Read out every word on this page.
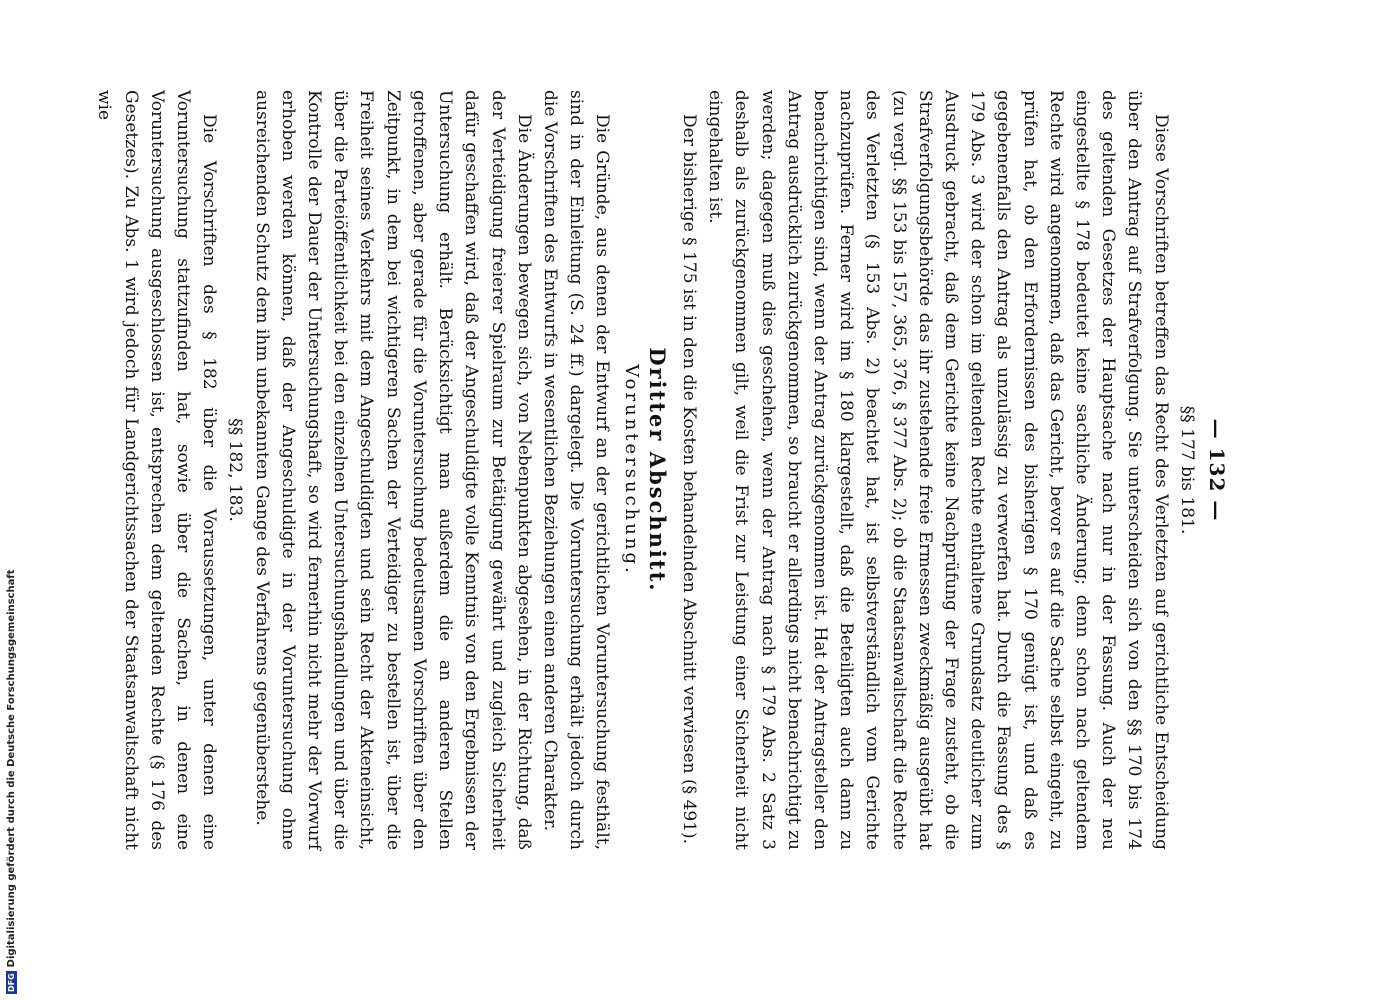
— 132 —

§§ 177 bis 181.

Diese Vorschriften betreffen das Recht des Verletzten auf gerichtliche Entscheidung über den Antrag auf Strafverfolgung. Sie unterscheiden sich von den §§ 170 bis 174 des geltenden Gesetzes der Hauptsache nach nur in der Fassung. Auch der neu eingestellte § 178 bedeutet keine sachliche Änderung; denn schon nach geltendem Rechte wird angenommen, daß das Gericht, bevor es auf die Sache selbst eingeht, zu prüfen hat, ob den Erfordernissen des bisherigen § 170 genügt ist, und daß es gegebenenfalls den Antrag als unzulässig zu verwerfen hat. Durch die Fassung des § 179 Abs. 3 wird der schon im geltenden Rechte enthaltene Grundsatz deutlicher zum Ausdruck gebracht, daß dem Gerichte keine Nachprüfung der Frage zusteht, ob die Strafverfolgungsbehörde das ihr zustehende freie Ermessen zweckmäßig ausgeübt hat (zu vergl. §§ 153 bis 157, 365, 376, § 377 Abs. 2); ob die Staatsanwaltschaft die Rechte des Verletzten (§ 153 Abs. 2) beachtet hat, ist selbstverständlich vom Gerichte nachzuprüfen. Ferner wird im § 180 klargestellt, daß die Beteiligten auch dann zu benachrichtigen sind, wenn der Antrag zurückgenommen ist. Hat der Antragsteller den Antrag ausdrücklich zurückgenommen, so braucht er allerdings nicht benachrichtigt zu werden; dagegen muß dies geschehen, wenn der Antrag nach § 179 Abs. 2 Satz 3 deshalb als zurückgenommen gilt, weil die Frist zur Leistung einer Sicherheit nicht eingehalten ist.

Der bisherige § 175 ist in den die Kosten behandelnden Abschnitt verwiesen (§ 491).

Dritter Abschnitt.

Voruntersuchung.

Die Gründe, aus denen der Entwurf an der gerichtlichen Voruntersuchung festhält, sind in der Einleitung (S. 24 ff.) dargelegt. Die Voruntersuchung erhält jedoch durch die Vorschriften des Entwurfs in wesentlichen Beziehungen einen anderen Charakter.

Die Änderungen bewegen sich, von Nebenpunkten abgesehen, in der Richtung, daß der Verteidigung freierer Spielraum zur Betätigung gewährt und zugleich Sicherheit dafür geschaffen wird, daß der Angeschuldigte volle Kenntnis von den Ergebnissen der Untersuchung erhält. Berücksichtigt man außerdem die an anderen Stellen getroffenen, aber gerade für die Voruntersuchung bedeutsamen Vorschriften über den Zeitpunkt, in dem bei wichtigeren Sachen der Verteidiger zu bestellen ist, über die Freiheit seines Verkehrs mit dem Angeschuldigten und sein Recht der Akteneinsicht, über die Parteiöffentlichkeit bei den einzelnen Untersuchungshandlungen und über die Kontrolle der Dauer der Untersuchungshaft, so wird fernerhin nicht mehr der Vorwurf erhoben werden können, daß der Angeschuldigte in der Voruntersuchung ohne ausreichenden Schutz dem ihm unbekannten Gange des Verfahrens gegenüberstehe.

§§ 182, 183.

Die Vorschriften des § 182 über die Voraussetzungen, unter denen eine Voruntersuchung stattzufinden hat, sowie über die Sachen, in denen eine Voruntersuchung ausgeschlossen ist, entsprechen dem geltenden Rechte (§ 176 des Gesetzes). Zu Abs. 1 wird jedoch für Landgerichtssachen der Staatsanwaltschaft nicht wie

DFG
Digitalisierung gefördert durch die Deutsche Forschungsgemeinschaft
